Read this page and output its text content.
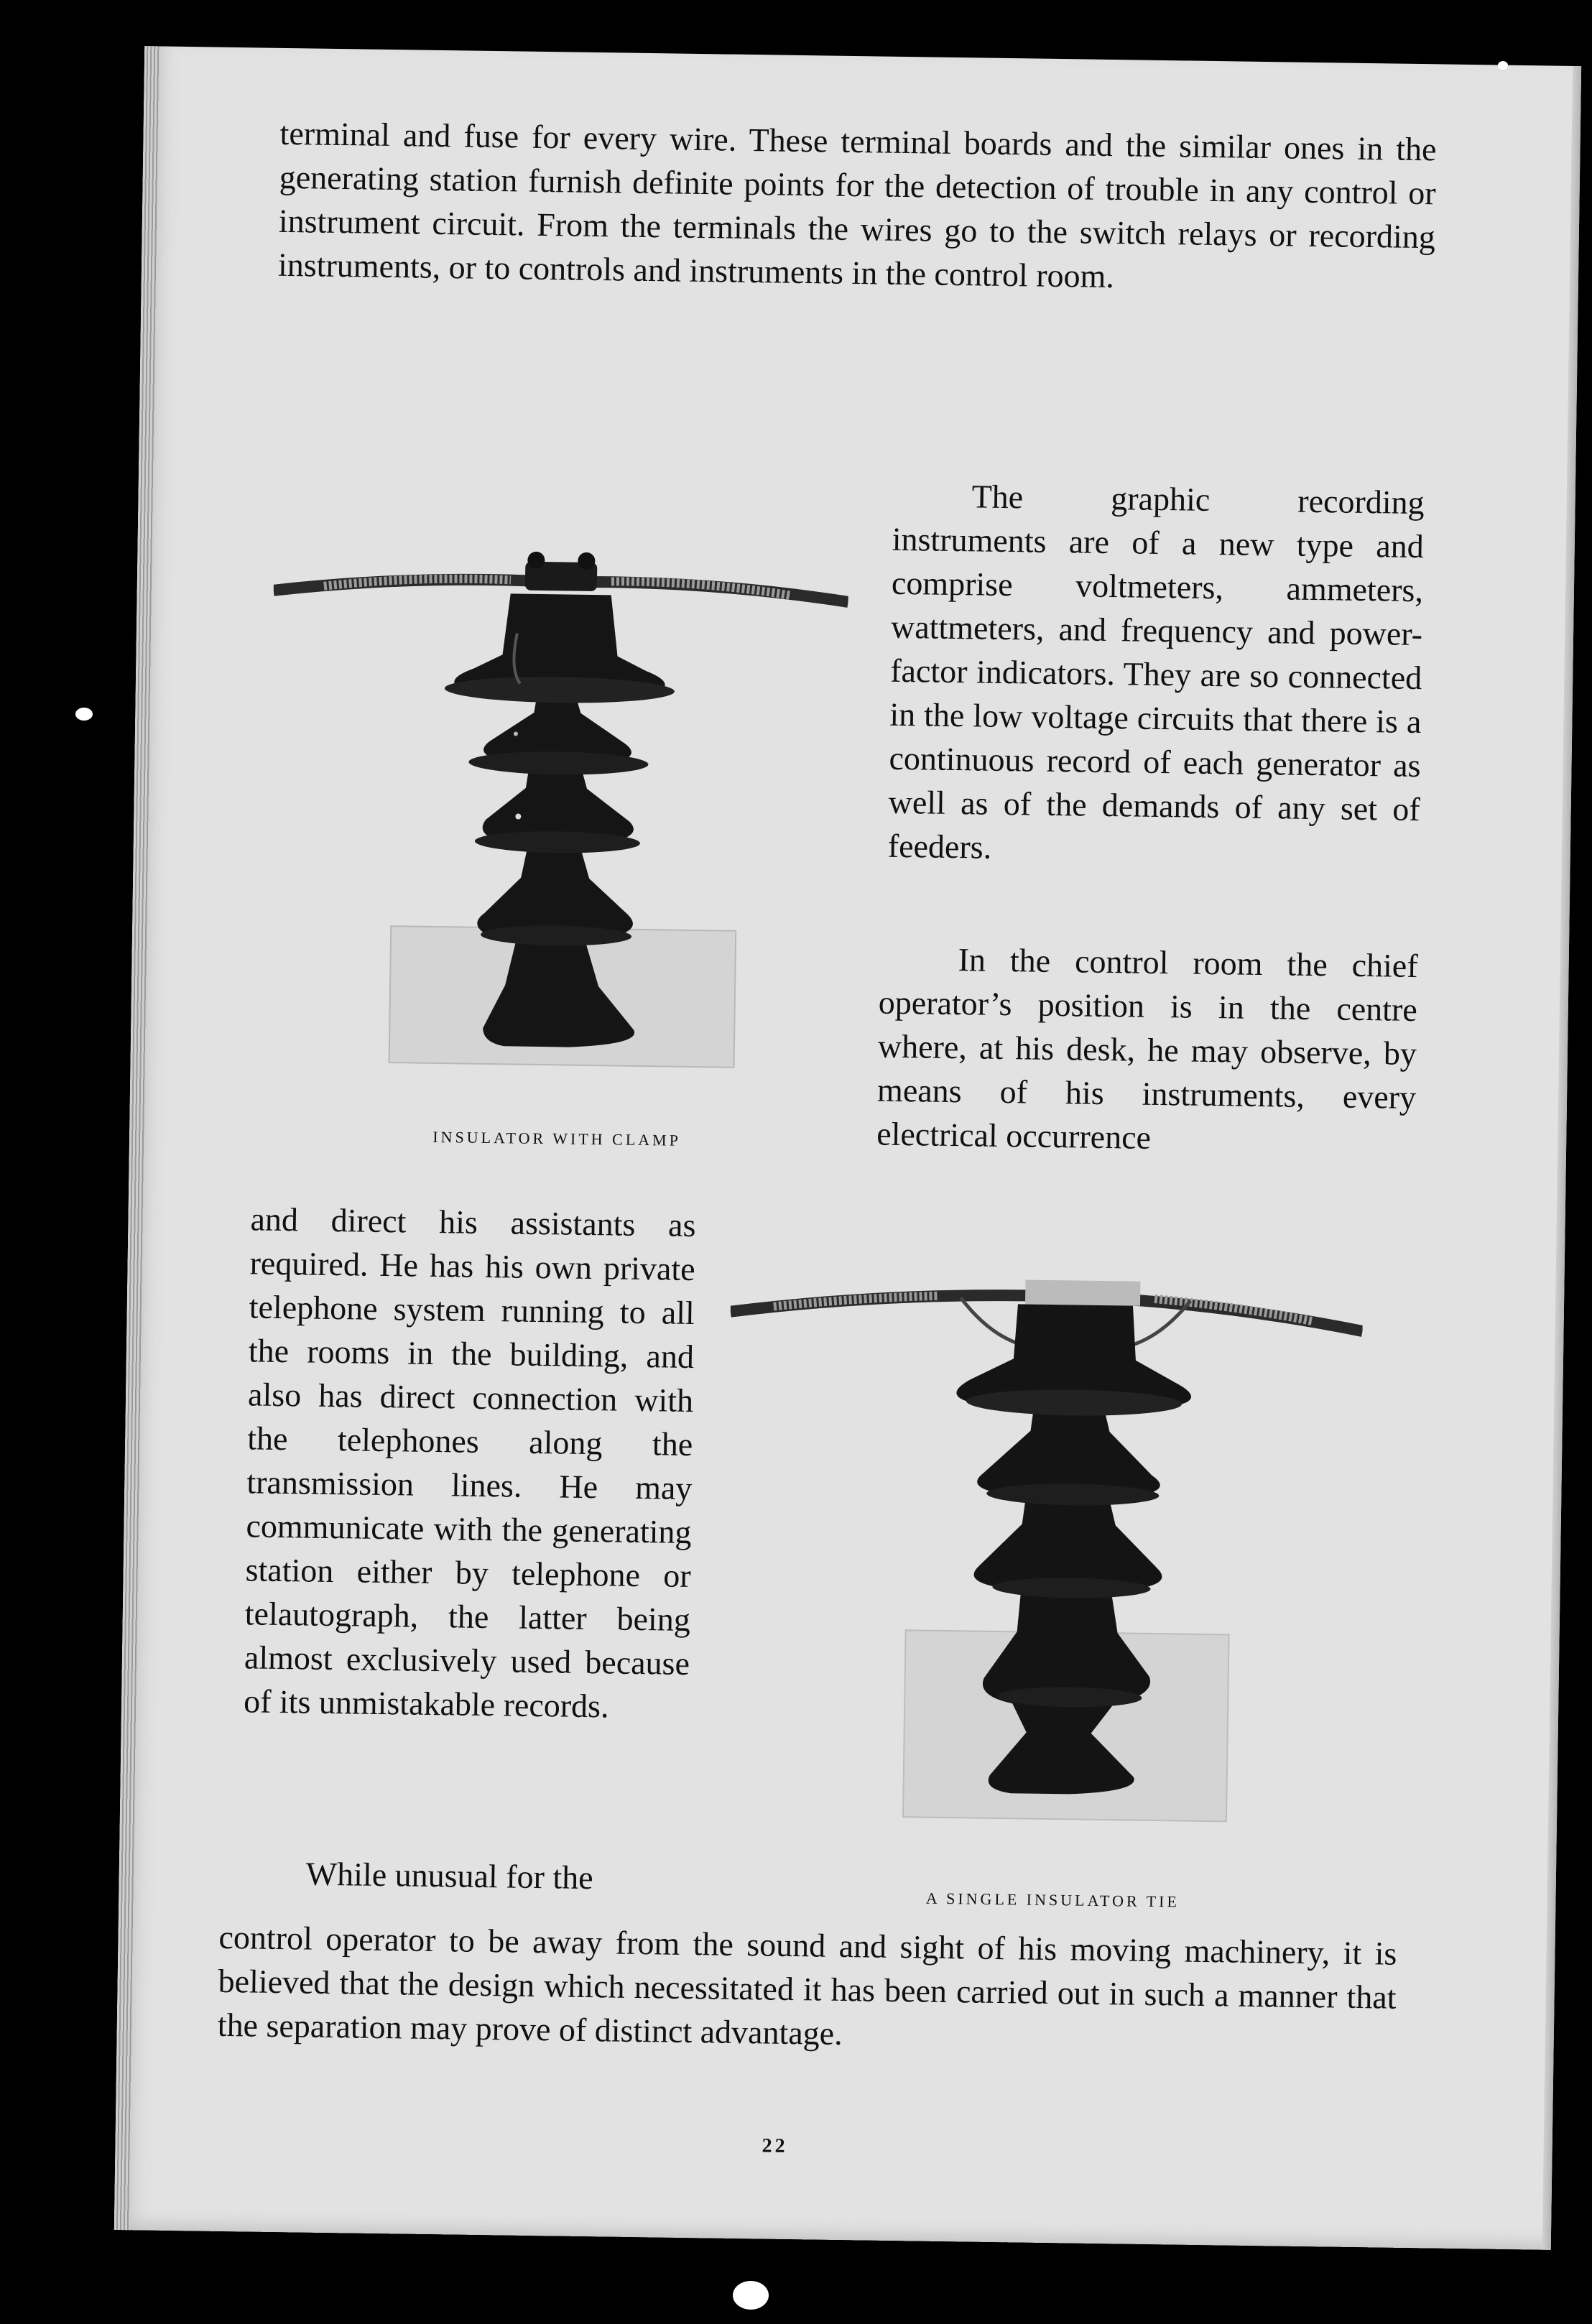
terminal and fuse for every wire. These terminal boards and the similar ones in the generating station furnish definite points for the detection of trouble in any control or instrument circuit. From the terminals the wires go to the switch relays or recording instruments, or to controls and instruments in the control room.

INSULATOR WITH CLAMP

The graphic recording instruments are of a new type and comprise voltmeters, ammeters, wattmeters, and frequency and power-factor indicators. They are so connected in the low voltage circuits that there is a continuous record of each generator as well as of the demands of any set of feeders.

In the control room the chief operator’s position is in the centre where, at his desk, he may observe, by means of his instruments, every electrical occurrence

and direct his assistants as required. He has his own private telephone system running to all the rooms in the building, and also has direct connection with the telephones along the transmission lines. He may communicate with the generating station either by telephone or telautograph, the latter being almost exclusively used because of its unmistakable records.

While unusual for the

A SINGLE INSULATOR TIE

control operator to be away from the sound and sight of his moving machinery, it is believed that the design which necessitated it has been carried out in such a manner that the separation may prove of distinct advantage.

22
